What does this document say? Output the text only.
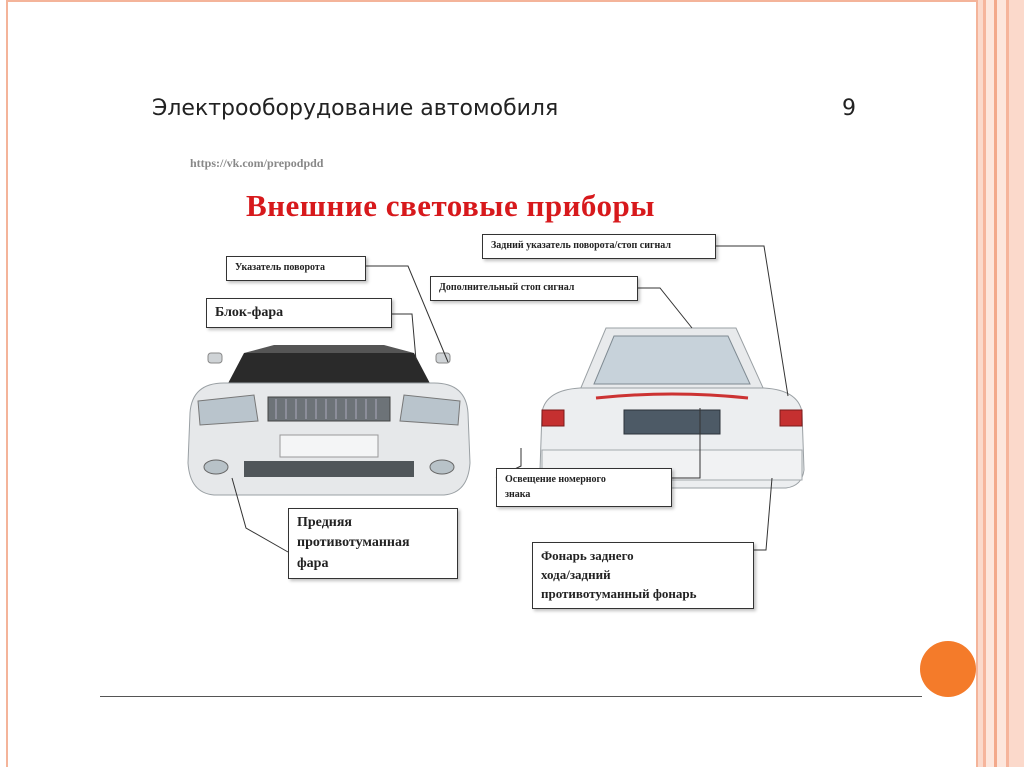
Электрооборудование автомобиля	9
https://vk.com/prepodpdd
Внешние световые приборы
Указатель поворота
Блок-фара
Предняя
противотуманная
фара
Задний указатель поворота/стоп сигнал
Дополнительный стоп сигнал
Освещение номерного
знака
Фонарь заднего
хода/задний
противотуманный фонарь
